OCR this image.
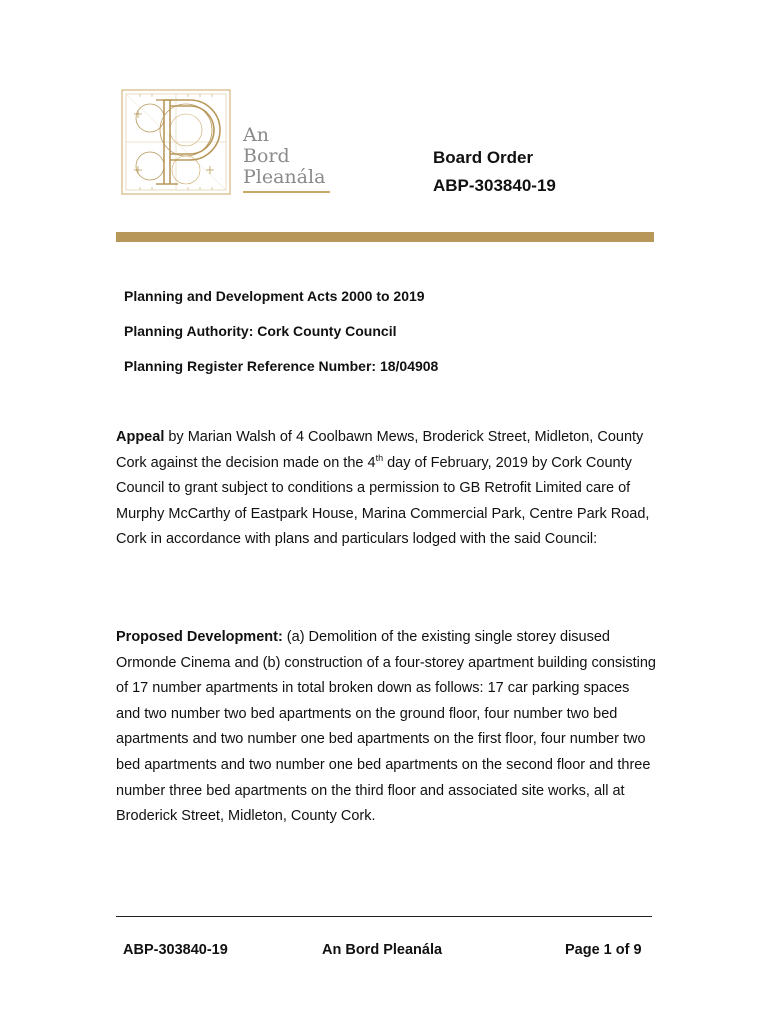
An
Bord
Pleanála
Board Order
ABP-303840-19
Planning and Development Acts 2000 to 2019
Planning Authority: Cork County Council
Planning Register Reference Number: 18/04908
Appeal by Marian Walsh of 4 Coolbawn Mews, Broderick Street, Midleton, County Cork against the decision made on the 4th day of February, 2019 by Cork County Council to grant subject to conditions a permission to GB Retrofit Limited care of Murphy McCarthy of Eastpark House, Marina Commercial Park, Centre Park Road, Cork in accordance with plans and particulars lodged with the said Council:
Proposed Development: (a) Demolition of the existing single storey disused Ormonde Cinema and (b) construction of a four-storey apartment building consisting of 17 number apartments in total broken down as follows: 17 car parking spaces and two number two bed apartments on the ground floor, four number two bed apartments and two number one bed apartments on the first floor, four number two bed apartments and two number one bed apartments on the second floor and three number three bed apartments on the third floor and associated site works, all at Broderick Street, Midleton, County Cork.
ABP-303840-19	An Bord Pleanála	Page 1 of 9
